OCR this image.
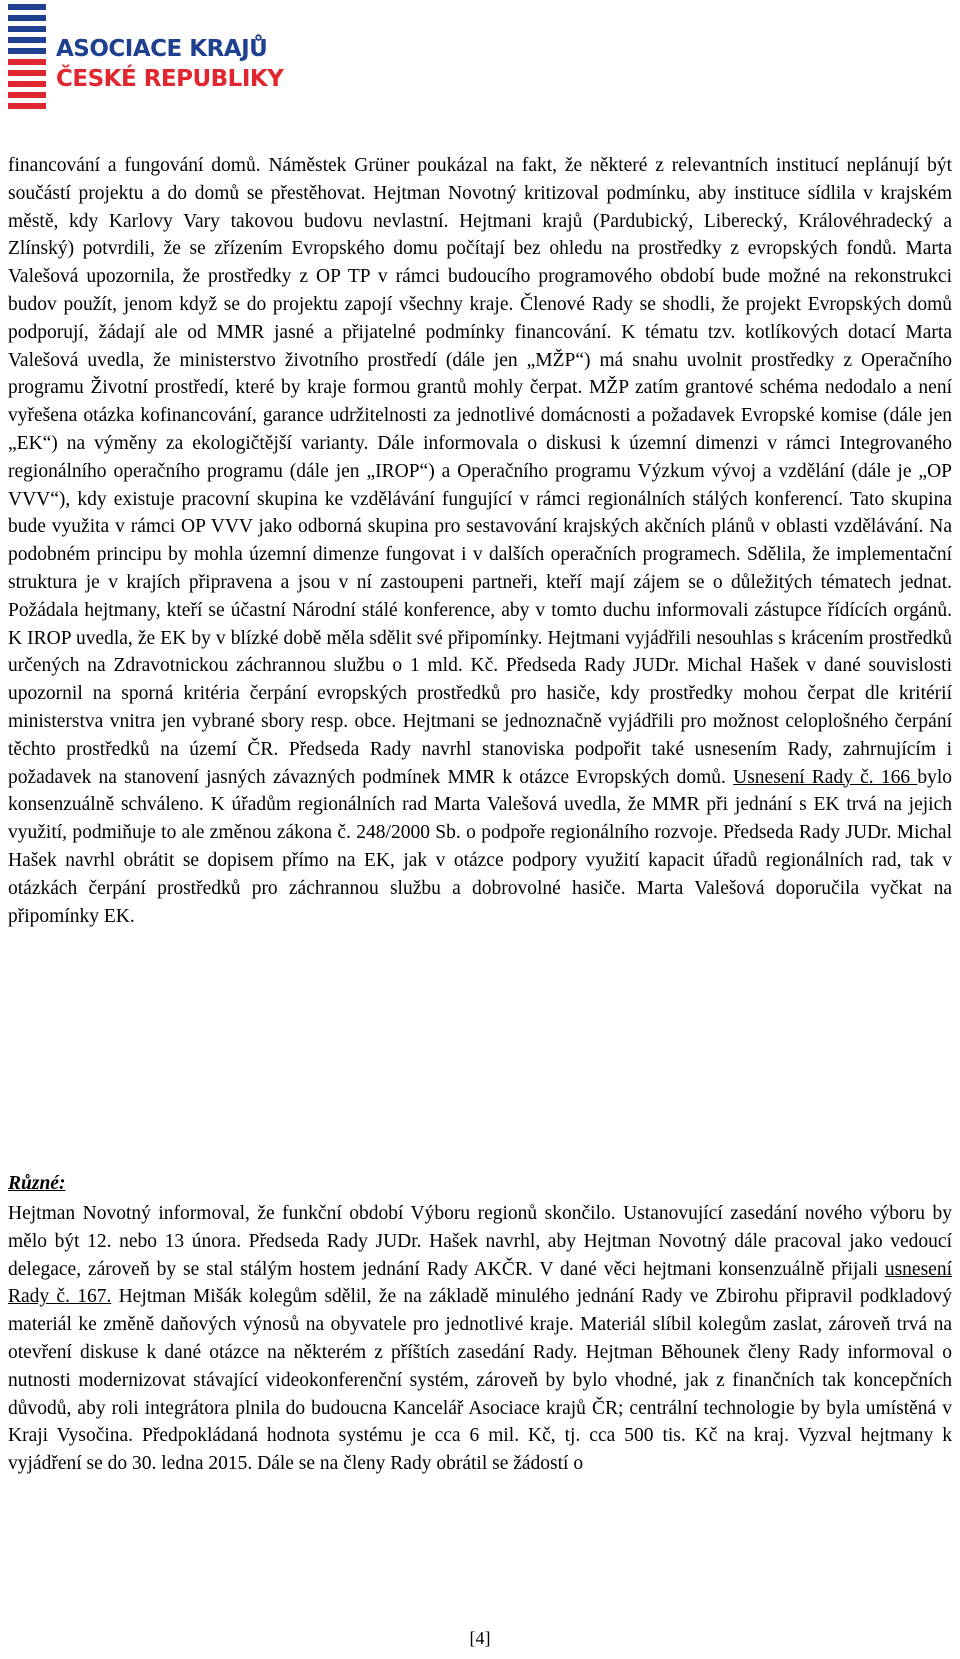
ASOCIACE KRAJŮ
ČESKÉ REPUBLIKY

financování a fungování domů. Náměstek Grüner poukázal na fakt, že některé z relevantních institucí neplánují být součástí projektu a do domů se přestěhovat. Hejtman Novotný kritizoval podmínku, aby instituce sídlila v krajském městě, kdy Karlovy Vary takovou budovu nevlastní. Hejtmani krajů (Pardubický, Liberecký, Královéhradecký a Zlínský) potvrdili, že se zřízením Evropského domu počítají bez ohledu na prostředky z evropských fondů. Marta Valešová upozornila, že prostředky z OP TP v rámci budoucího programového období bude možné na rekonstrukci budov použít, jenom když se do projektu zapojí všechny kraje. Členové Rady se shodli, že projekt Evropských domů podporují, žádají ale od MMR jasné a přijatelné podmínky financování. K tématu tzv. kotlíkových dotací Marta Valešová uvedla, že ministerstvo životního prostředí (dále jen „MŽP“) má snahu uvolnit prostředky z Operačního programu Životní prostředí, které by kraje formou grantů mohly čerpat. MŽP zatím grantové schéma nedodalo a není vyřešena otázka kofinancování, garance udržitelnosti za jednotlivé domácnosti a požadavek Evropské komise (dále jen „EK“) na výměny za ekologičtější varianty. Dále informovala o diskusi k územní dimenzi v rámci Integrovaného regionálního operačního programu (dále jen „IROP“) a Operačního programu Výzkum vývoj a vzdělání (dále je „OP VVV“), kdy existuje pracovní skupina ke vzdělávání fungující v rámci regionálních stálých konferencí. Tato skupina bude využita v rámci OP VVV jako odborná skupina pro sestavování krajských akčních plánů v oblasti vzdělávání. Na podobném principu by mohla územní dimenze fungovat i v dalších operačních programech. Sdělila, že implementační struktura je v krajích připravena a jsou v ní zastoupeni partneři, kteří mají zájem se o důležitých tématech jednat. Požádala hejtmany, kteří se účastní Národní stálé konference, aby v tomto duchu informovali zástupce řídících orgánů. K IROP uvedla, že EK by v blízké době měla sdělit své připomínky. Hejtmani vyjádřili nesouhlas s krácením prostředků určených na Zdravotnickou záchrannou službu o 1 mld. Kč. Předseda Rady JUDr. Michal Hašek v dané souvislosti upozornil na sporná kritéria čerpání evropských prostředků pro hasiče, kdy prostředky mohou čerpat dle kritérií ministerstva vnitra jen vybrané sbory resp. obce. Hejtmani se jednoznačně vyjádřili pro možnost celoplošného čerpání těchto prostředků na území ČR. Předseda Rady navrhl stanoviska podpořit také usnesením Rady, zahrnujícím i požadavek na stanovení jasných závazných podmínek MMR k otázce Evropských domů. Usnesení Rady č. 166 bylo konsenzuálně schváleno. K úřadům regionálních rad Marta Valešová uvedla, že MMR při jednání s EK trvá na jejich využití, podmiňuje to ale změnou zákona č. 248/2000 Sb. o podpoře regionálního rozvoje. Předseda Rady JUDr. Michal Hašek navrhl obrátit se dopisem přímo na EK, jak v otázce podpory využití kapacit úřadů regionálních rad, tak v otázkách čerpání prostředků pro záchrannou službu a dobrovolné hasiče. Marta Valešová doporučila vyčkat na připomínky EK.

Různé:

Hejtman Novotný informoval, že funkční období Výboru regionů skončilo. Ustanovující zasedání nového výboru by mělo být 12. nebo 13 února. Předseda Rady JUDr. Hašek navrhl, aby Hejtman Novotný dále pracoval jako vedoucí delegace, zároveň by se stal stálým hostem jednání Rady AKČR. V dané věci hejtmani konsenzuálně přijali usnesení Rady č. 167. Hejtman Mišák kolegům sdělil, že na základě minulého jednání Rady ve Zbirohu připravil podkladový materiál ke změně daňových výnosů na obyvatele pro jednotlivé kraje. Materiál slíbil kolegům zaslat, zároveň trvá na otevření diskuse k dané otázce na některém z příštích zasedání Rady. Hejtman Běhounek členy Rady informoval o nutnosti modernizovat stávající videokonferenční systém, zároveň by bylo vhodné, jak z finančních tak koncepčních důvodů, aby roli integrátora plnila do budoucna Kancelář Asociace krajů ČR; centrální technologie by byla umístěná v Kraji Vysočina. Předpokládaná hodnota systému je cca 6 mil. Kč, tj. cca 500 tis. Kč na kraj. Vyzval hejtmany k vyjádření se do 30. ledna 2015. Dále se na členy Rady obrátil se žádostí o

[4]
